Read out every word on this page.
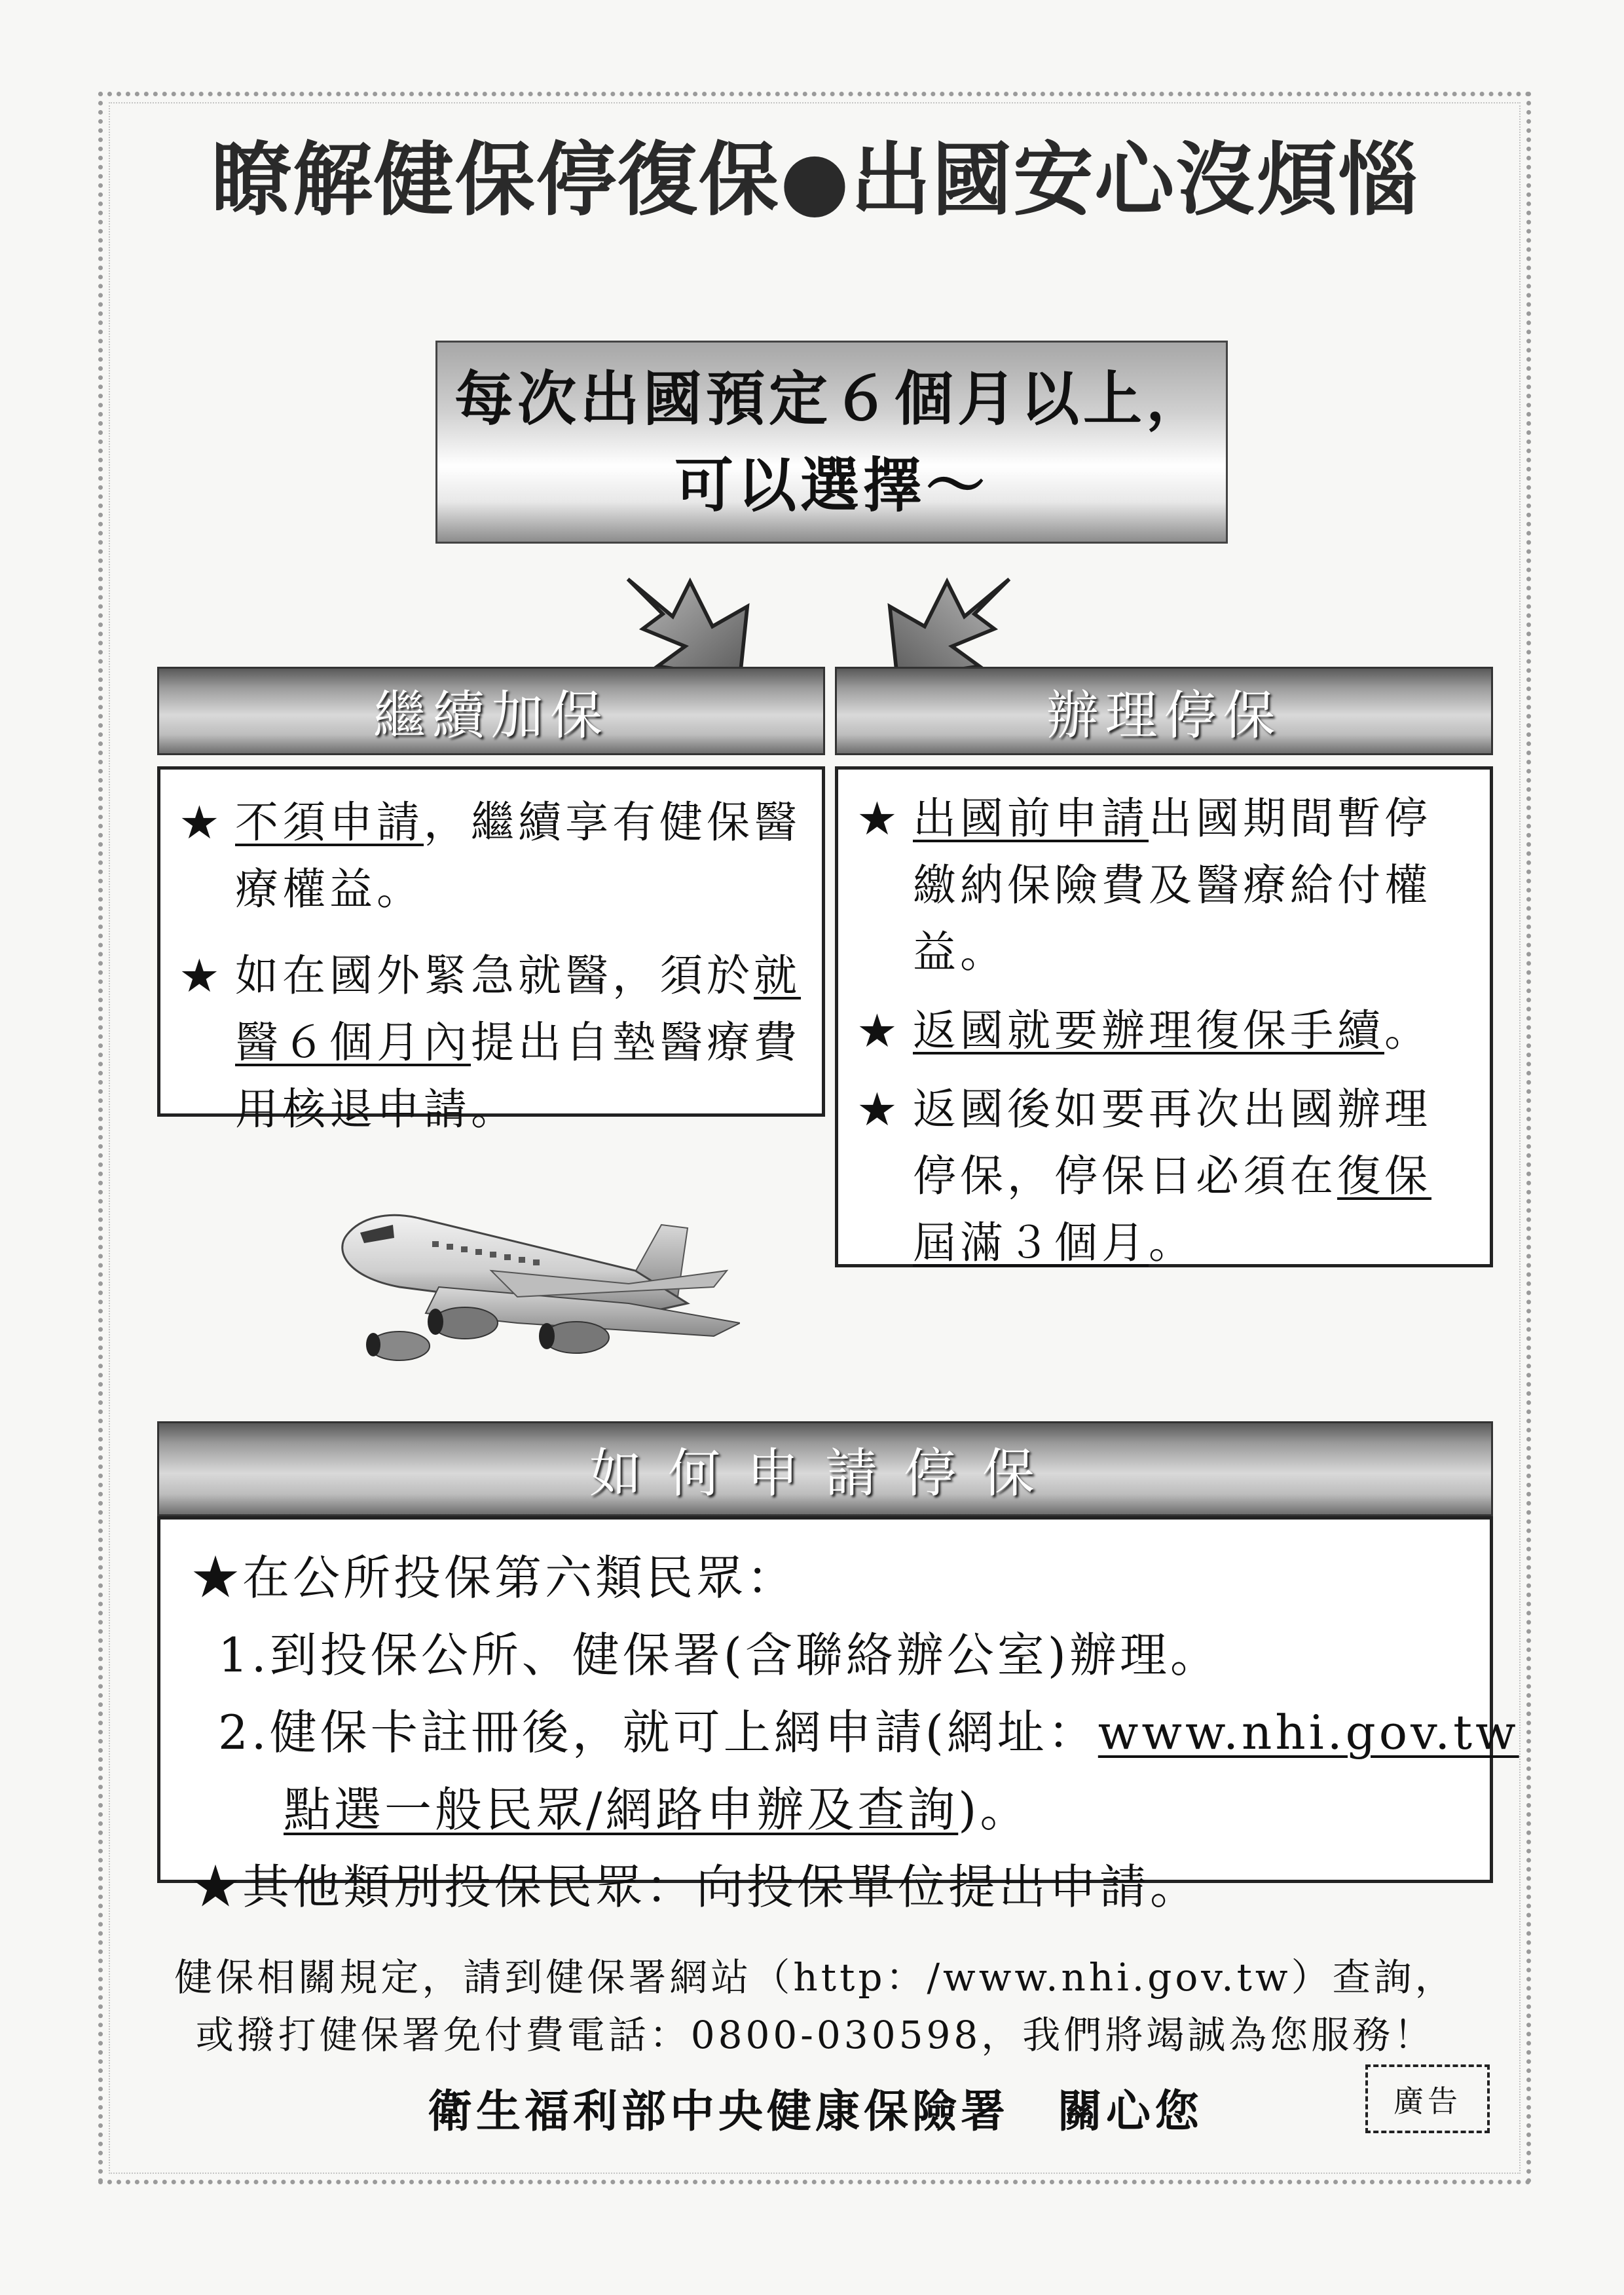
瞭解健保停復保●出國安心沒煩惱
每次出國預定６個月以上，
可以選擇～
繼續加保
★ 不須申請，繼續享有健保醫療權益。
★ 如在國外緊急就醫，須於就醫６個月內提出自墊醫療費用核退申請。
辦理停保
★ 出國前申請出國期間暫停繳納保險費及醫療給付權益。
★ 返國就要辦理復保手續。
★ 返國後如要再次出國辦理停保，停保日必須在復保屆滿３個月。
如何申請停保
★在公所投保第六類民眾：
1.到投保公所、健保署(含聯絡辦公室)辦理。
2.健保卡註冊後，就可上網申請(網址：www.nhi.gov.tw
點選一般民眾/網路申辦及查詢)。
★其他類別投保民眾：向投保單位提出申請。
健保相關規定，請到健保署網站（http：/www.nhi.gov.tw）查詢，
或撥打健保署免付費電話：0800-030598，我們將竭誠為您服務！
衛生福利部中央健康保險署　關心您	廣告
